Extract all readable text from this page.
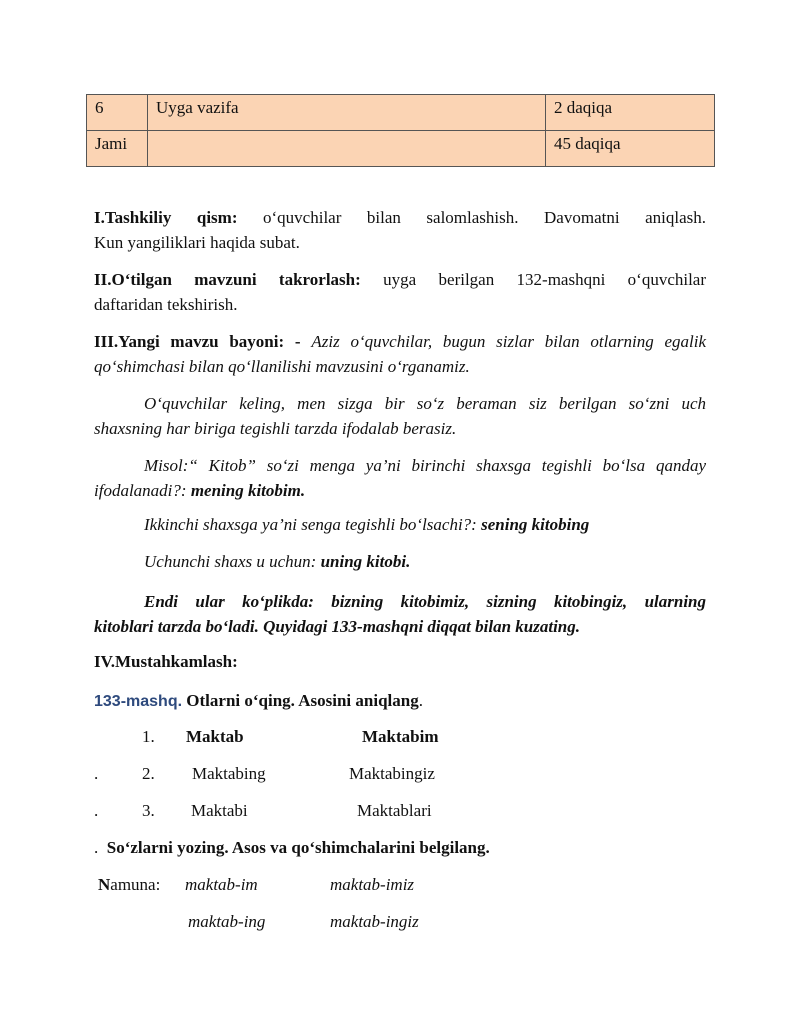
6	Uyga vazifa	2 daqiqa
Jami		45 daqiqa
I.Tashkiliy qism: o‘quvchilar bilan salomlashish. Davomatni aniqlash.
Kun yangiliklari haqida subat.
II.O‘tilgan mavzuni takrorlash: uyga berilgan 132-mashqni o‘quvchilar
daftaridan tekshirish.
III.Yangi mavzu bayoni: - Aziz o‘quvchilar, bugun sizlar bilan otlarning egalik
qo‘shimchasi bilan qo‘llanilishi mavzusini o‘rganamiz.
O‘quvchilar keling, men sizga bir so‘z beraman siz berilgan so‘zni uch
shaxsning har biriga tegishli tarzda ifodalab berasiz.
Misol:“ Kitob” so‘zi menga ya’ni birinchi shaxsga tegishli bo‘lsa qanday
ifodalanadi?: mening kitobim.
Ikkinchi shaxsga ya’ni senga tegishli bo‘lsachi?: sening kitobing
Uchunchi shaxs u uchun: uning kitobi.
Endi ular ko‘plikda: bizning kitobimiz, sizning kitobingiz, ularning
kitoblari tarzda bo‘ladi. Quyidagi 133-mashqni diqqat bilan kuzating.
IV.Mustahkamlash:
133-mashq. Otlarni o‘qing. Asosini aniqlang.
1. Maktab	Maktabim
.	2. Maktabing	Maktabingiz
.	3. Maktabi	Maktablari
. So‘zlarni yozing. Asos va qo‘shimchalarini belgilang.
Namuna: maktab-im	maktab-imiz
maktab-ing	maktab-ingiz
